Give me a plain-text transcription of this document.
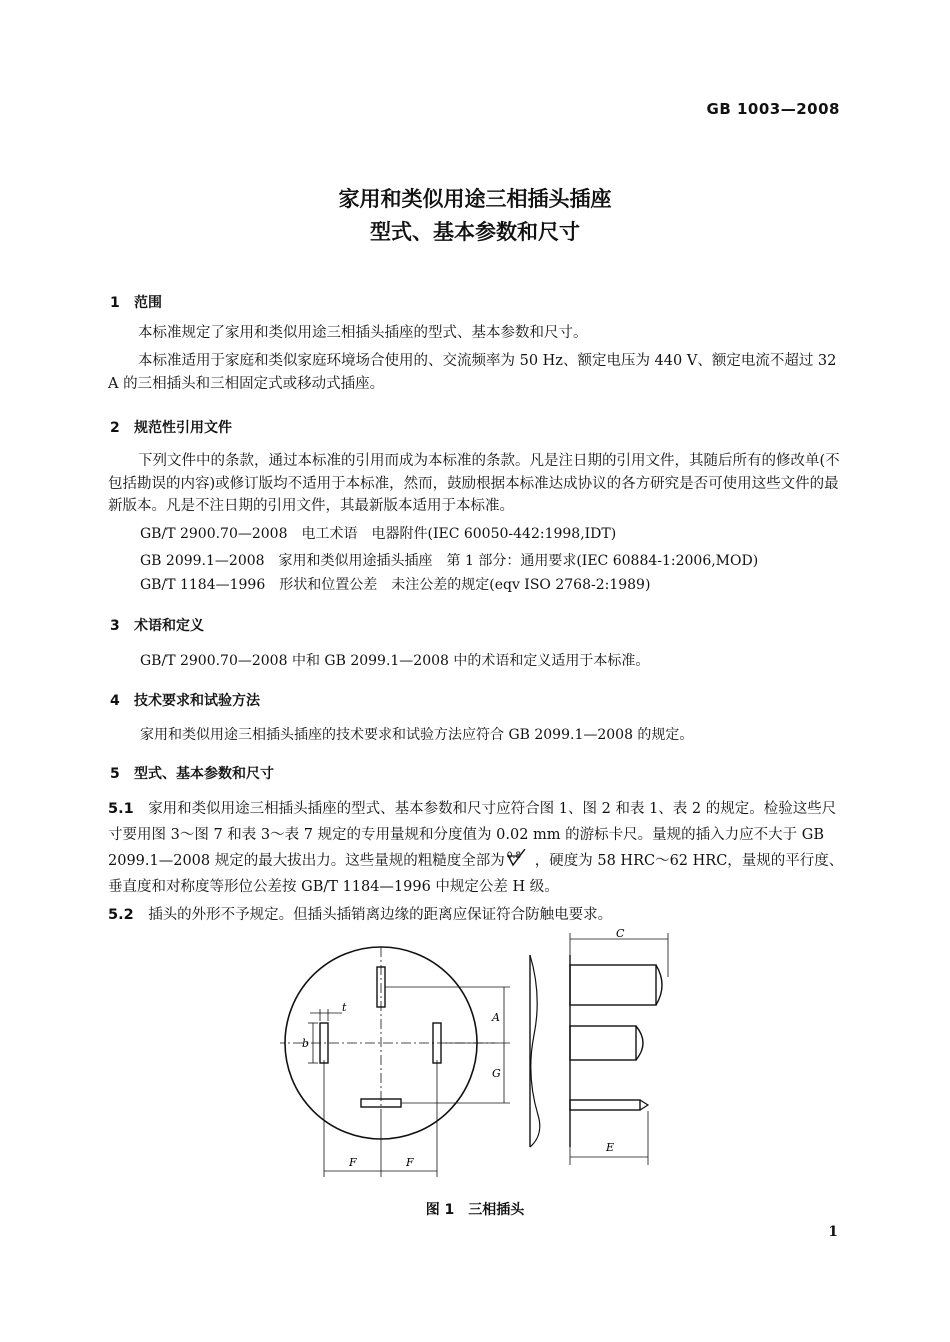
GB 1003—2008
家用和类似用途三相插头插座
型式、基本参数和尺寸
1 范围
本标准规定了家用和类似用途三相插头插座的型式、基本参数和尺寸。
本标准适用于家庭和类似家庭环境场合使用的、交流频率为 50 Hz、额定电压为 440 V、额定电流不超过 32 A 的三相插头和三相固定式或移动式插座。
2 规范性引用文件
下列文件中的条款，通过本标准的引用而成为本标准的条款。凡是注日期的引用文件，其随后所有的修改单(不包括勘误的内容)或修订版均不适用于本标准，然而，鼓励根据本标准达成协议的各方研究是否可使用这些文件的最新版本。凡是不注日期的引用文件，其最新版本适用于本标准。
GB/T 2900.70—2008　电工术语　电器附件(IEC 60050-442:1998,IDT)
GB 2099.1—2008　家用和类似用途插头插座　第 1 部分：通用要求(IEC 60884-1:2006,MOD)
GB/T 1184—1996　形状和位置公差　未注公差的规定(eqv ISO 2768-2:1989)
3 术语和定义
GB/T 2900.70—2008 中和 GB 2099.1—2008 中的术语和定义适用于本标准。
4 技术要求和试验方法
家用和类似用途三相插头插座的技术要求和试验方法应符合 GB 2099.1—2008 的规定。
5 型式、基本参数和尺寸
5.1　 家用和类似用途三相插头插座的型式、基本参数和尺寸应符合图 1、图 2 和表 1、表 2 的规定。检验这些尺寸要用图 3～图 7 和表 3～表 7 规定的专用量规和分度值为 0.02 mm 的游标卡尺。量规的插入力应不大于 GB 2099.1—2008 规定的最大拔出力。这些量规的粗糙度全部为 0.8 ，硬度为 58 HRC～62 HRC，量规的平行度、垂直度和对称度等形位公差按 GB/T 1184—1996 中规定公差 H 级。
5.2　 插头的外形不予规定。但插头插销离边缘的距离应保证符合防触电要求。
t
b
A
G
F	F
C
E
图 1　三相插头
1
